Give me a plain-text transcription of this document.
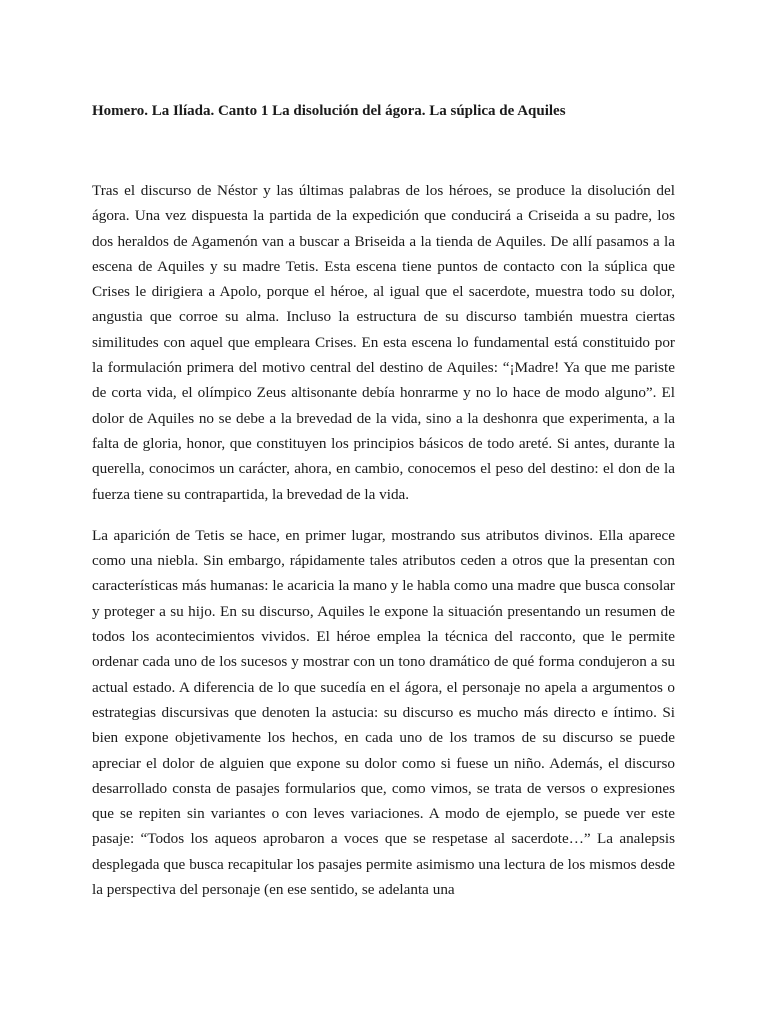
Homero. La Ilíada. Canto 1 La disolución del ágora. La súplica de Aquiles

Tras el discurso de Néstor y las últimas palabras de los héroes, se produce la disolución del ágora. Una vez dispuesta la partida de la expedición que conducirá a Criseida a su padre, los dos heraldos de Agamenón van a buscar a Briseida a la tienda de Aquiles. De allí pasamos a la escena de Aquiles y su madre Tetis. Esta escena tiene puntos de contacto con la súplica que Crises le dirigiera a Apolo, porque el héroe, al igual que el sacerdote, muestra todo su dolor, angustia que corroe su alma. Incluso la estructura de su discurso también muestra ciertas similitudes con aquel que empleara Crises. En esta escena lo fundamental está constituido por la formulación primera del motivo central del destino de Aquiles: “¡Madre! Ya que me pariste de corta vida, el olímpico Zeus altisonante debía honrarme y no lo hace de modo alguno”. El dolor de Aquiles no se debe a la brevedad de la vida, sino a la deshonra que experimenta, a la falta de gloria, honor, que constituyen los principios básicos de todo areté. Si antes, durante la querella, conocimos un carácter, ahora, en cambio, conocemos el peso del destino: el don de la fuerza tiene su contrapartida, la brevedad de la vida.

La aparición de Tetis se hace, en primer lugar, mostrando sus atributos divinos. Ella aparece como una niebla. Sin embargo, rápidamente tales atributos ceden a otros que la presentan con características más humanas: le acaricia la mano y le habla como una madre que busca consolar y proteger a su hijo. En su discurso, Aquiles le expone la situación presentando un resumen de todos los acontecimientos vividos. El héroe emplea la técnica del racconto, que le permite ordenar cada uno de los sucesos y mostrar con un tono dramático de qué forma condujeron a su actual estado. A diferencia de lo que sucedía en el ágora, el personaje no apela a argumentos o estrategias discursivas que denoten la astucia: su discurso es mucho más directo e íntimo. Si bien expone objetivamente los hechos, en cada uno de los tramos de su discurso se puede apreciar el dolor de alguien que expone su dolor como si fuese un niño. Además, el discurso desarrollado consta de pasajes formularios que, como vimos, se trata de versos o expresiones que se repiten sin variantes o con leves variaciones. A modo de ejemplo, se puede ver este pasaje: “Todos los aqueos aprobaron a voces que se respetase al sacerdote…” La analepsis desplegada que busca recapitular los pasajes permite asimismo una lectura de los mismos desde la perspectiva del personaje (en ese sentido, se adelanta una
